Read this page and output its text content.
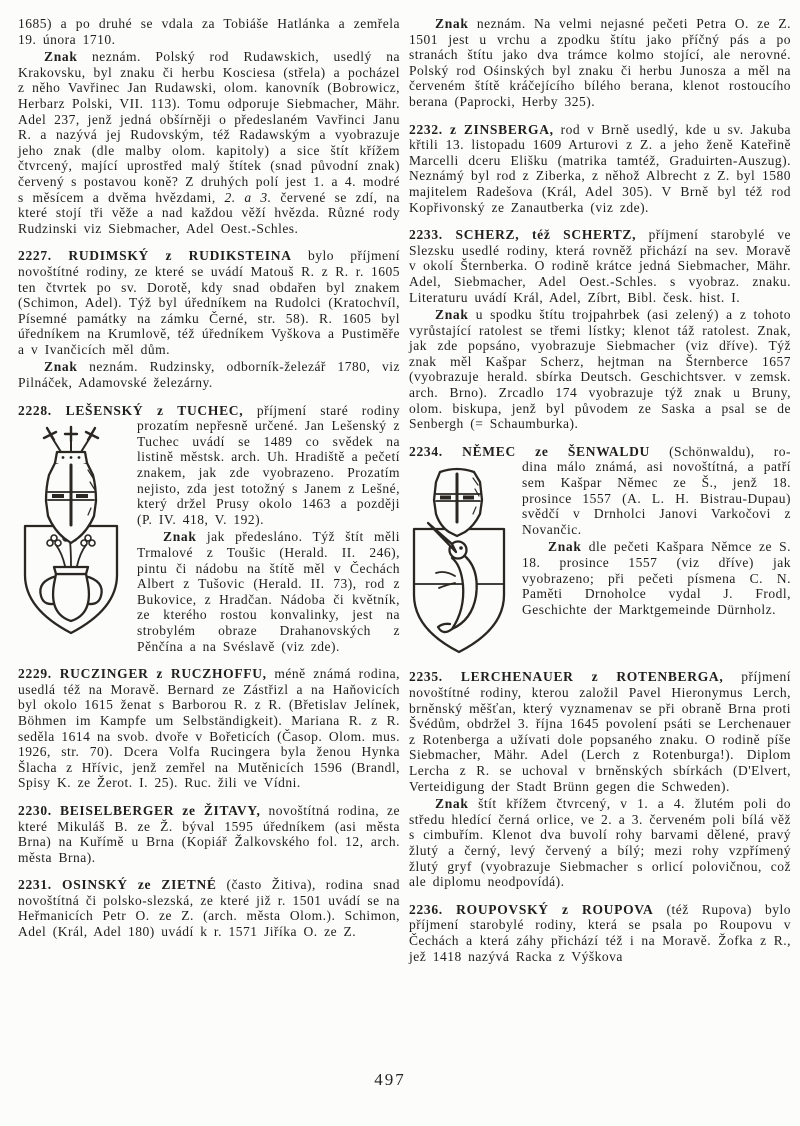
1685) a po druhé se vdala za Tobiáše Hatlánka a zemřela 19. února 1710.

Znak neznám. Polský rod Rudawskich, usedlý na Krakovsku, byl znaku či herbu Kosciesa (střela) a pocházel z něho Vavřinec Jan Rudawski, olom. kanovník (Bobrowicz, Herbarz Polski, VII. 113). Tomu odporuje Siebmacher, Mähr. Adel 237, jenž jedná obšírněji o předeslaném Vavřinci Janu R. a nazývá jej Rudovským, též Radawským a vyobrazuje jeho znak (dle malby olom. kapitoly) a sice štít křížem čtvrcený, mající uprostřed malý štítek (snad původní znak) červený s postavou koně? Z druhých polí jest 1. a 4. modré s měsícem a dvěma hvězdami, 2. a 3. červené se zdí, na které stojí tři věže a nad každou věží hvězda. Různé rody Rudzinski viz Siebmacher, Adel Oest.-Schles.

2227. RUDIMSKÝ z RUDIKSTEINA bylo příjmení novoštítné rodiny, ze které se uvádí Matouš R. z R. r. 1605 ten čtvrtek po sv. Dorotě, kdy snad obdařen byl znakem (Schimon, Adel). Týž byl úředníkem na Rudolci (Kratochvíl, Písemné památky na zámku Černé, str. 58). R. 1605 byl úředníkem na Krumlově, též úředníkem Vyškova a Pustiměře a v Ivančicích měl dům.

Znak neznám. Rudzinsky, odborník-železář 1780, viz Pilnáček, Adamovské železárny.

2228. LEŠENSKÝ z TUCHEC, příjmení staré rodiny

prozatím nepřesně určené. Jan Lešenský z Tuchec uvádí se 1489 co svědek na listině městsk. arch. Uh. Hradiště a pečetí znakem, jak zde vyobrazeno. Prozatím nejisto, zda jest totožný s Janem z Lešné, který držel Prusy okolo 1463 a později (P. IV. 418, V. 192).

Znak jak předesláno. Týž štít měli Trmalové z Toušic (Herald. II. 246), pintu či nádobu na štítě měl v Čechách Albert z Tušovic (Herald. II. 73), rod z Bukovice, z Hradčan. Nádoba či květník, ze kterého rostou konvalinky, jest na strobylém obraze Drahanovských z Pěnčína a na Svéslavě (viz zde).

2229. RUCZINGER z RUCZHOFFU, méně známá rodina, usedlá též na Moravě. Bernard ze Zástřizl a na Haňovicích byl okolo 1615 ženat s Barborou R. z R. (Břetislav Jelínek, Böhmen im Kampfe um Selbständigkeit). Mariana R. z R. seděla 1614 na svob. dvoře v Bořeticích (Časop. Olom. mus. 1926, str. 70). Dcera Volfa Rucingera byla ženou Hynka Šlacha z Hřívic, jenž zemřel na Mutěnicích 1596 (Brandl, Spisy K. ze Žerot. I. 25). Ruc. žili ve Vídni.

2230. BEISELBERGER ze ŽITAVY, novoštítná rodina, ze které Mikuláš B. ze Ž. býval 1595 úředníkem (asi města Brna) na Kuřímě u Brna (Kopiář Žalkovského fol. 12, arch. města Brna).

2231. OSINSKÝ ze ZIETNÉ (často Žitiva), rodina snad novoštítná či polsko-slezská, ze které již r. 1501 uvádí se na Heřmanicích Petr O. ze Z. (arch. města Olom.). Schimon, Adel (Král, Adel 180) uvádí k r. 1571 Jiříka O. ze Z.

Znak neznám. Na velmi nejasné pečeti Petra O. ze Z. 1501 jest u vrchu a zpodku štítu jako příčný pás a po stranách štítu jako dva trámce kolmo stojící, ale nerovné. Polský rod Ośinských byl znaku či herbu Junosza a měl na červeném štítě kráčejícího bílého berana, klenot rostoucího berana (Paprocki, Herby 325).

2232. z ZINSBERGA, rod v Brně usedlý, kde u sv. Jakuba křtili 13. listopadu 1609 Arturovi z Z. a jeho ženě Kateřině Marcelli dceru Elišku (matrika tamtéž, Graduirten-Auszug). Neznámý byl rod z Ziberka, z něhož Albrecht z Z. byl 1580 majitelem Radešova (Král, Adel 305). V Brně byl též rod Kopřivonský ze Zanautberka (viz zde).

2233. SCHERZ, též SCHERTZ, příjmení starobylé ve Slezsku usedlé rodiny, která rovněž přichází na sev. Moravě v okolí Šternberka. O rodině krátce jedná Siebmacher, Mähr. Adel, Siebmacher, Adel Oest.-Schles. s vyobraz. znaku. Literaturu uvádí Král, Adel, Zíbrt, Bibl. česk. hist. I.

Znak u spodku štítu trojpahrbek (asi zelený) a z tohoto vyrůstající ratolest se třemi lístky; klenot táž ratolest. Znak, jak zde popsáno, vyobrazuje Siebmacher (viz dříve). Týž znak měl Kašpar Scherz, hejtman na Šternberce 1657 (vyobrazuje herald. sbírka Deutsch. Geschichtsver. v zemsk. arch. Brno). Zrcadlo 174 vyobrazuje týž znak u Bruny, olom. biskupa, jenž byl původem ze Saska a psal se de Senbergh (= Schaumburka).

2234. NĚMEC ze ŠENWALDU (Schönwaldu), ro-

dina málo známá, asi novoštítná, a patří sem Kašpar Němec ze Š., jenž 18. prosince 1557 (A. L. H. Bistrau-Dupau) svědčí v Drnholci Janovi Varkočovi z Novančic.

Znak dle pečeti Kašpara Němce ze S. 18. prosince 1557 (viz dříve) jak vyobrazeno; při pečeti písmena C. N. Paměti Drnoholce vydal J. Frodl, Geschichte der Marktgemeinde Dürnholz.

2235. LERCHENAUER z ROTENBERGA, příjmení novoštítné rodiny, kterou založil Pavel Hieronymus Lerch, brněnský měšťan, který vyznamenav se při obraně Brna proti Švédům, obdržel 3. října 1645 povolení psáti se Lerchenauer z Rotenberga a užívati dole popsaného znaku. O rodině píše Siebmacher, Mähr. Adel (Lerch z Rotenburga!). Diplom Lercha z R. se uchoval v brněnských sbírkách (D'Elvert, Verteidigung der Stadt Brünn gegen die Schweden).

Znak štít křížem čtvrcený, v 1. a 4. žlutém poli do středu hledící černá orlice, ve 2. a 3. červeném poli bílá věž s cimbuřím. Klenot dva buvolí rohy barvami dělené, pravý žlutý a černý, levý červený a bílý; mezi rohy vzpřímený žlutý gryf (vyobrazuje Siebmacher s orlicí polovičnou, což ale diplomu neodpovídá).

2236. ROUPOVSKÝ z ROUPOVA (též Rupova) bylo příjmení starobylé rodiny, která se psala po Roupovu v Čechách a která záhy přichází též i na Moravě. Žofka z R., jež 1418 nazývá Racka z Výškova

497
